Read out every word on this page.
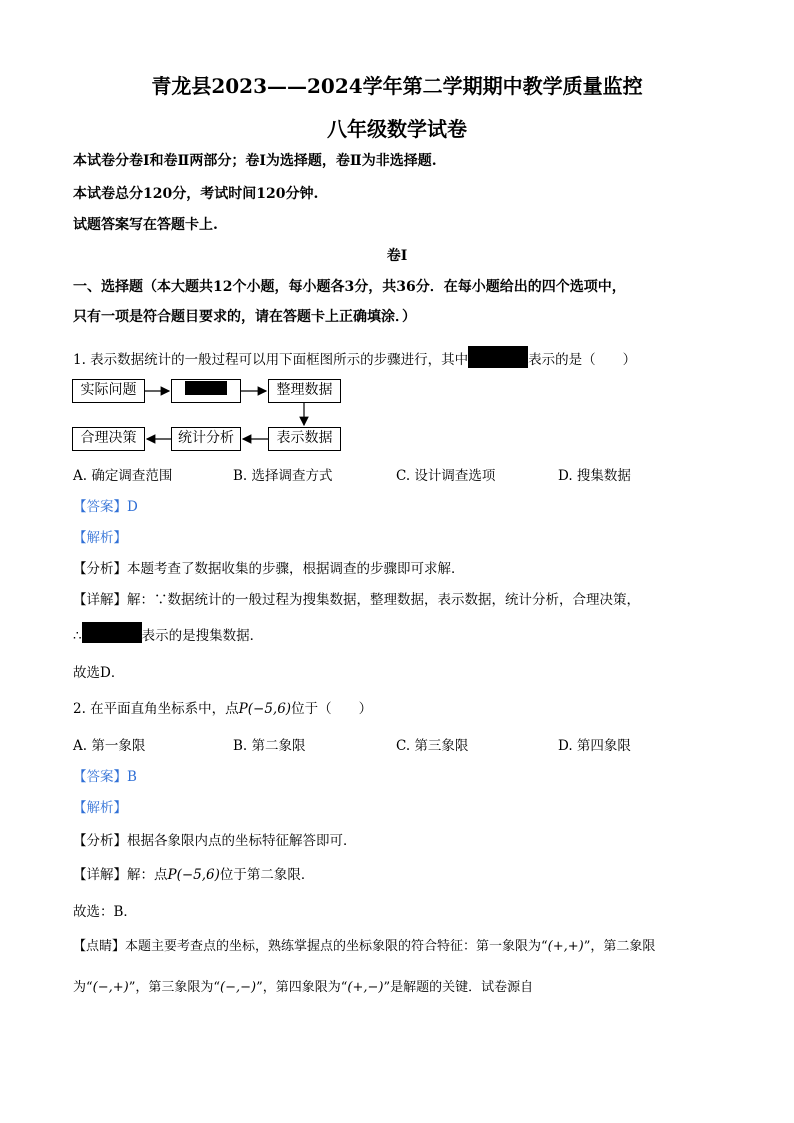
青龙县2023——2024学年第二学期期中教学质量监控
八年级数学试卷
本试卷分卷Ⅰ和卷Ⅱ两部分；卷Ⅰ为选择题，卷Ⅱ为非选择题.
本试卷总分120分，考试时间120分钟.
试题答案写在答题卡上.
卷Ⅰ
一、选择题（本大题共12个小题，每小题各3分，共36分．在每小题给出的四个选项中，
只有一项是符合题目要求的，请在答题卡上正确填涂．）
1. 表示数据统计的一般过程可以用下面框图所示的步骤进行，其中	表示的是（　　）
实际问题	整理数据
表示数据
统计分析
合理决策
A. 确定调查范围	B. 选择调查方式	C. 设计调查选项	D. 搜集数据
【答案】D
【解析】
【分析】本题考查了数据收集的步骤，根据调查的步骤即可求解．
【详解】解：∵数据统计的一般过程为搜集数据，整理数据，表示数据，统计分析，合理决策，
∴	表示的是搜集数据．
故选D．
2. 在平面直角坐标系中，点P(−5,6)位于（　　）
A. 第一象限	B. 第二象限	C. 第三象限	D. 第四象限
【答案】B
【解析】
【分析】根据各象限内点的坐标特征解答即可．
【详解】解：点P(−5,6)位于第二象限．
故选：B．
【点睛】本题主要考查点的坐标，熟练掌握点的坐标象限的符合特征：第一象限为“(+,+)”，第二象限
为“(−,+)”，第三象限为“(−,−)”，第四象限为“(+,−)”是解题的关键．试卷源自
